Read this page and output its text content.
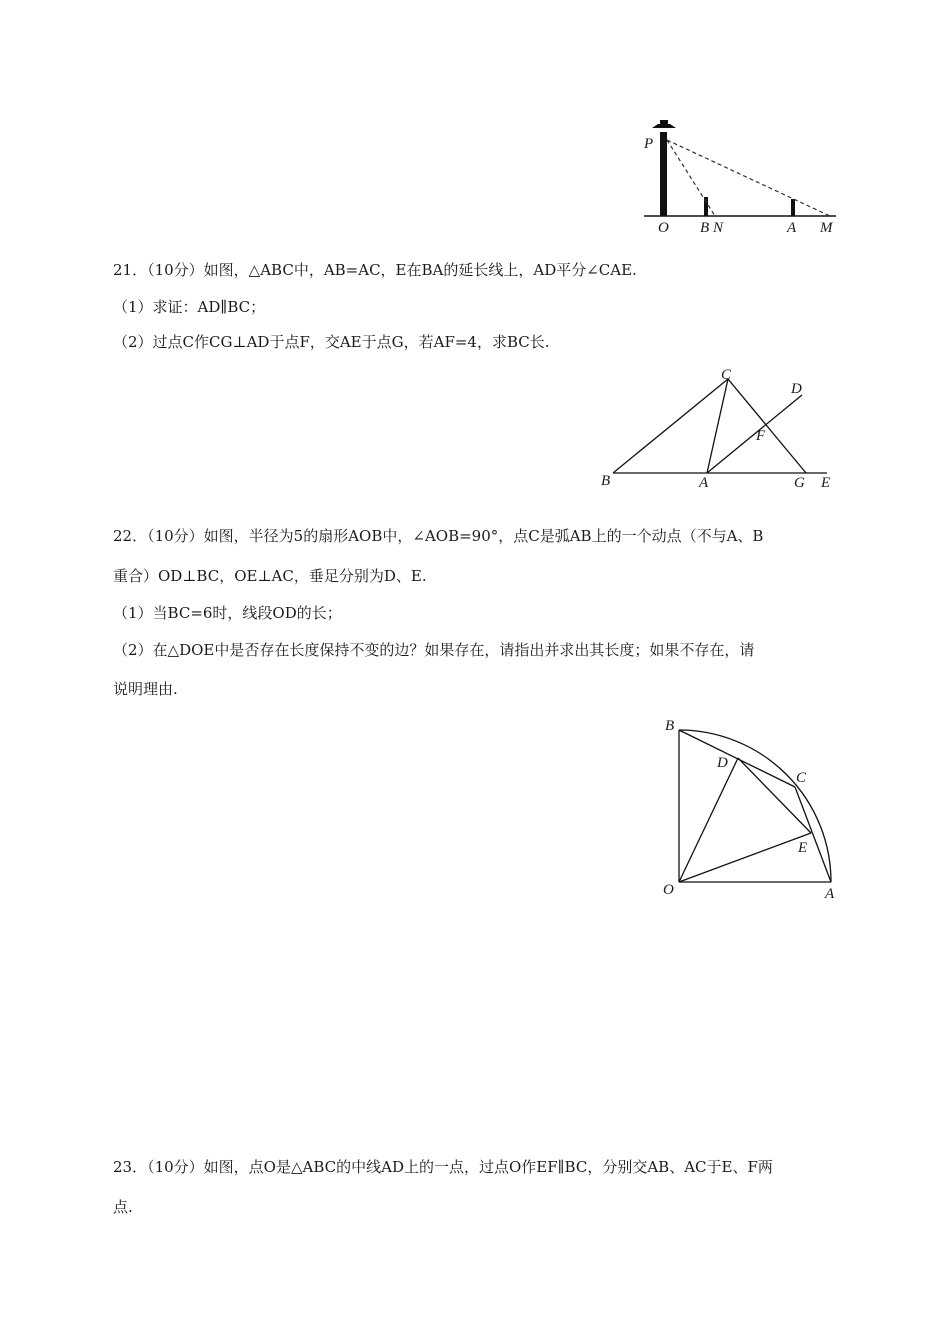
P
O B N	A M
21．（10分）如图，△ABC中，AB=AC，E在BA的延长线上，AD平分∠CAE.
（1）求证：AD∥BC；
（2）过点C作CG⊥AD于点F，交AE于点G，若AF=4，求BC长.
C
D
F
B	A	G E
22．（10分）如图，半径为5的扇形AOB中，∠AOB=90°，点C是弧AB上的一个动点（不与A、B
重合）OD⊥BC，OE⊥AC，垂足分别为D、E.
（1）当BC=6时，线段OD的长；
（2）在△DOE中是否存在长度保持不变的边？如果存在，请指出并求出其长度；如果不存在，请
说明理由.
B
D
C
E
O	A
23．（10分）如图，点O是△ABC的中线AD上的一点，过点O作EF∥BC，分别交AB、AC于E、F两
点.
